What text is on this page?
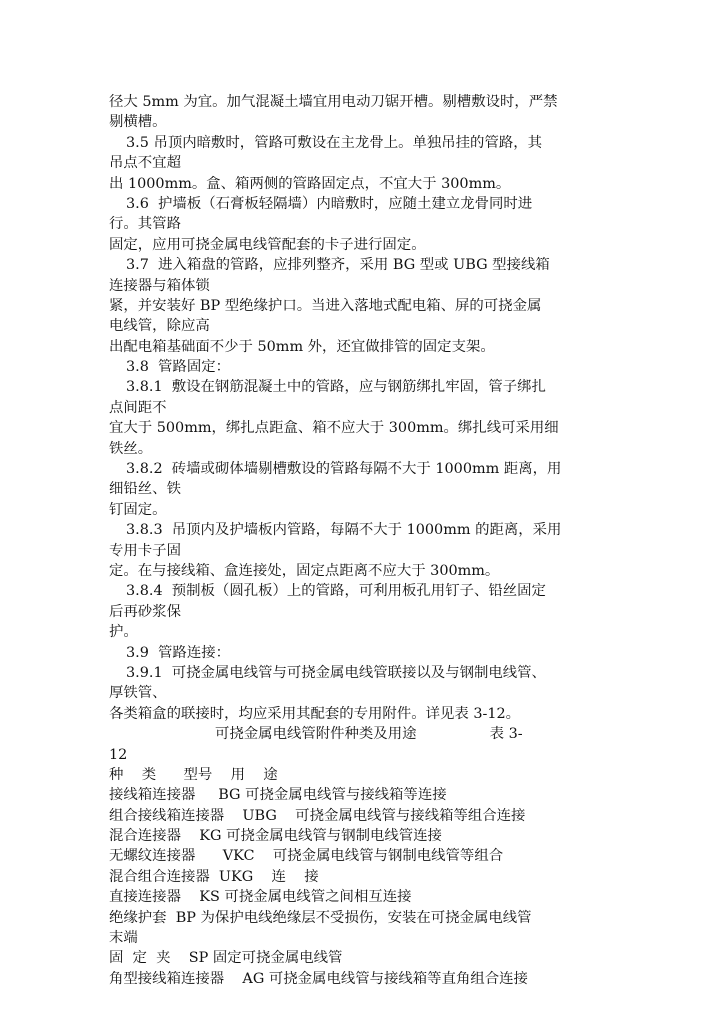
径大 5mm 为宜。加气混凝土墙宜用电动刀锯开槽。剔槽敷设时，严禁
剔横槽。
3.5 吊顶内暗敷时，管路可敷设在主龙骨上。单独吊挂的管路，其
吊点不宜超
出 1000mm。盒、箱两侧的管路固定点，不宜大于 300mm。
3.6  护墙板（石膏板轻隔墙）内暗敷时，应随土建立龙骨同时进
行。其管路
固定，应用可挠金属电线管配套的卡子进行固定。
3.7  进入箱盘的管路，应排列整齐，采用 BG 型或 UBG 型接线箱
连接器与箱体锁
紧，并安装好 BP 型绝缘护口。当进入落地式配电箱、屏的可挠金属
电线管，除应高
出配电箱基础面不少于 50mm 外，还宜做排管的固定支架。
3.8  管路固定：
3.8.1  敷设在钢筋混凝土中的管路，应与钢筋绑扎牢固，管子绑扎
点间距不
宜大于 500mm，绑扎点距盒、箱不应大于 300mm。绑扎线可采用细
铁丝。
3.8.2  砖墙或砌体墙剔槽敷设的管路每隔不大于 1000mm 距离，用
细铅丝、铁
钉固定。
3.8.3  吊顶内及护墙板内管路，每隔不大于 1000mm 的距离，采用
专用卡子固
定。在与接线箱、盒连接处，固定点距离不应大于 300mm。
3.8.4  预制板（圆孔板）上的管路，可利用板孔用钉子、铅丝固定
后再砂浆保
护。
3.9  管路连接：
3.9.1  可挠金属电线管与可挠金属电线管联接以及与钢制电线管、
厚铁管、
各类箱盒的联接时，均应采用其配套的专用附件。详见表 3-12。
可挠金属电线管附件种类及用途                表 3-
12
种    类      型号    用    途
接线箱连接器     BG 可挠金属电线管与接线箱等连接
组合接线箱连接器    UBG    可挠金属电线管与接线箱等组合连接
混合连接器    KG 可挠金属电线管与钢制电线管连接
无螺纹连接器      VKC    可挠金属电线管与钢制电线管等组合
混合组合连接器  UKG    连    接
直接连接器    KS 可挠金属电线管之间相互连接
绝缘护套  BP 为保护电线绝缘层不受损伤，安装在可挠金属电线管
末端
固  定  夹    SP 固定可挠金属电线管
角型接线箱连接器    AG 可挠金属电线管与接线箱等直角组合连接
